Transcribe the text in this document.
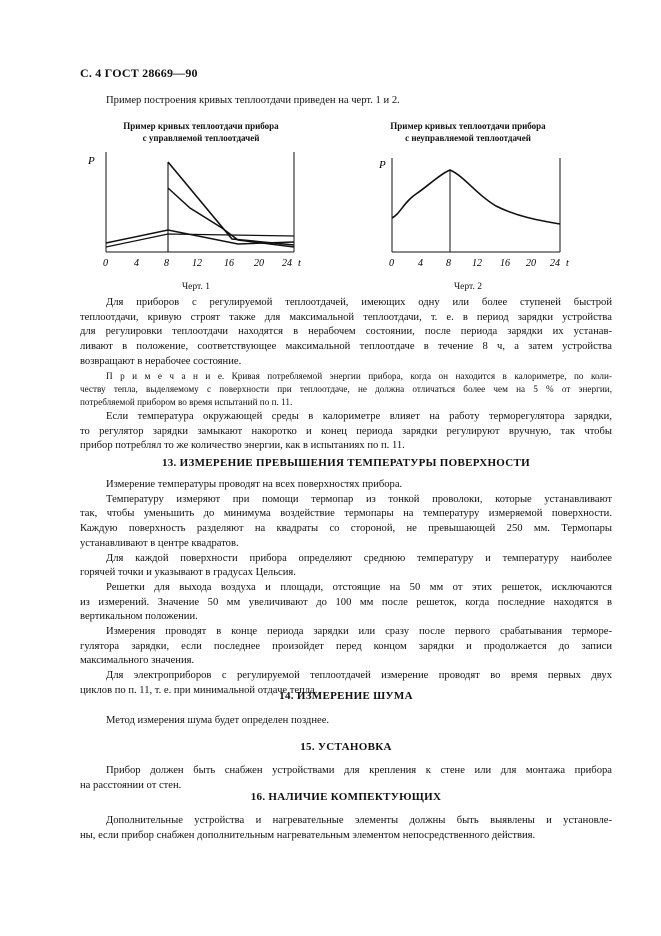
С. 4 ГОСТ 28669—90
Пример построения кривых теплоотдачи приведен на черт. 1 и 2.
Пример кривых теплоотдачи прибора
с управляемой теплоотдачей
P
0	4	8 12 16 20 24 t
Черт. 1
Пример кривых теплоотдачи прибора
с неуправляемой теплоотдачей
P
0 4 8 12 16 20 24 t
Черт. 2
Для приборов с регулируемой теплоотдачей, имеющих одну или более ступеней быстрой
теплоотдачи, кривую строят также для максимальной теплоотдачи, т. е. в период зарядки устройства
для регулировки теплоотдачи находятся в нерабочем состоянии, после периода зарядки их устанав-
ливают в положение, соответствующее максимальной теплоотдаче в течение 8 ч, а затем устройства
возвращают в нерабочее состояние.
П р и м е ч а н и е. Кривая потребляемой энергии прибора, когда он находится в калориметре, по коли-
честву тепла, выделяемому с поверхности при теплоотдаче, не должна отличаться более чем на 5 % от энергии,
потребляемой прибором во время испытаний по п. 11.
Если температура окружающей среды в калориметре влияет на работу терморегулятора зарядки,
то регулятор зарядки замыкают накоротко и конец периода зарядки регулируют вручную, так чтобы
прибор потреблял то же количество энергии, как в испытаниях по п. 11.
13. ИЗМЕРЕНИЕ ПРЕВЫШЕНИЯ ТЕМПЕРАТУРЫ ПОВЕРХНОСТИ
Измерение температуры проводят на всех поверхностях прибора.
Температуру измеряют при помощи термопар из тонкой проволоки, которые устанавливают
так, чтобы уменьшить до минимума воздействие термопары на температуру измеряемой поверхности.
Каждую поверхность разделяют на квадраты со стороной, не превышающей 250 мм. Термопары
устанавливают в центре квадратов.
Для каждой поверхности прибора определяют среднюю температуру и температуру наиболее
горячей точки и указывают в градусах Цельсия.
Решетки для выхода воздуха и площади, отстоящие на 50 мм от этих решеток, исключаются
из измерений. Значение 50 мм увеличивают до 100 мм после решеток, когда последние находятся в
вертикальном положении.
Измерения проводят в конце периода зарядки или сразу после первого срабатывания терморе-
гулятора зарядки, если последнее произойдет перед концом зарядки и продолжается до записи
максимального значения.
Для электроприборов с регулируемой теплоотдачей измерение проводят во время первых двух
циклов по п. 11, т. е. при минимальной отдаче тепла.
14. ИЗМЕРЕНИЕ ШУМА
Метод измерения шума будет определен позднее.
15. УСТАНОВКА
Прибор должен быть снабжен устройствами для крепления к стене или для монтажа прибора
на расстоянии от стен.
16. НАЛИЧИЕ КОМПЕКТУЮЩИХ
Дополнительные устройства и нагревательные элементы должны быть выявлены и установле-
ны, если прибор снабжен дополнительным нагревательным элементом непосредственного действия.
